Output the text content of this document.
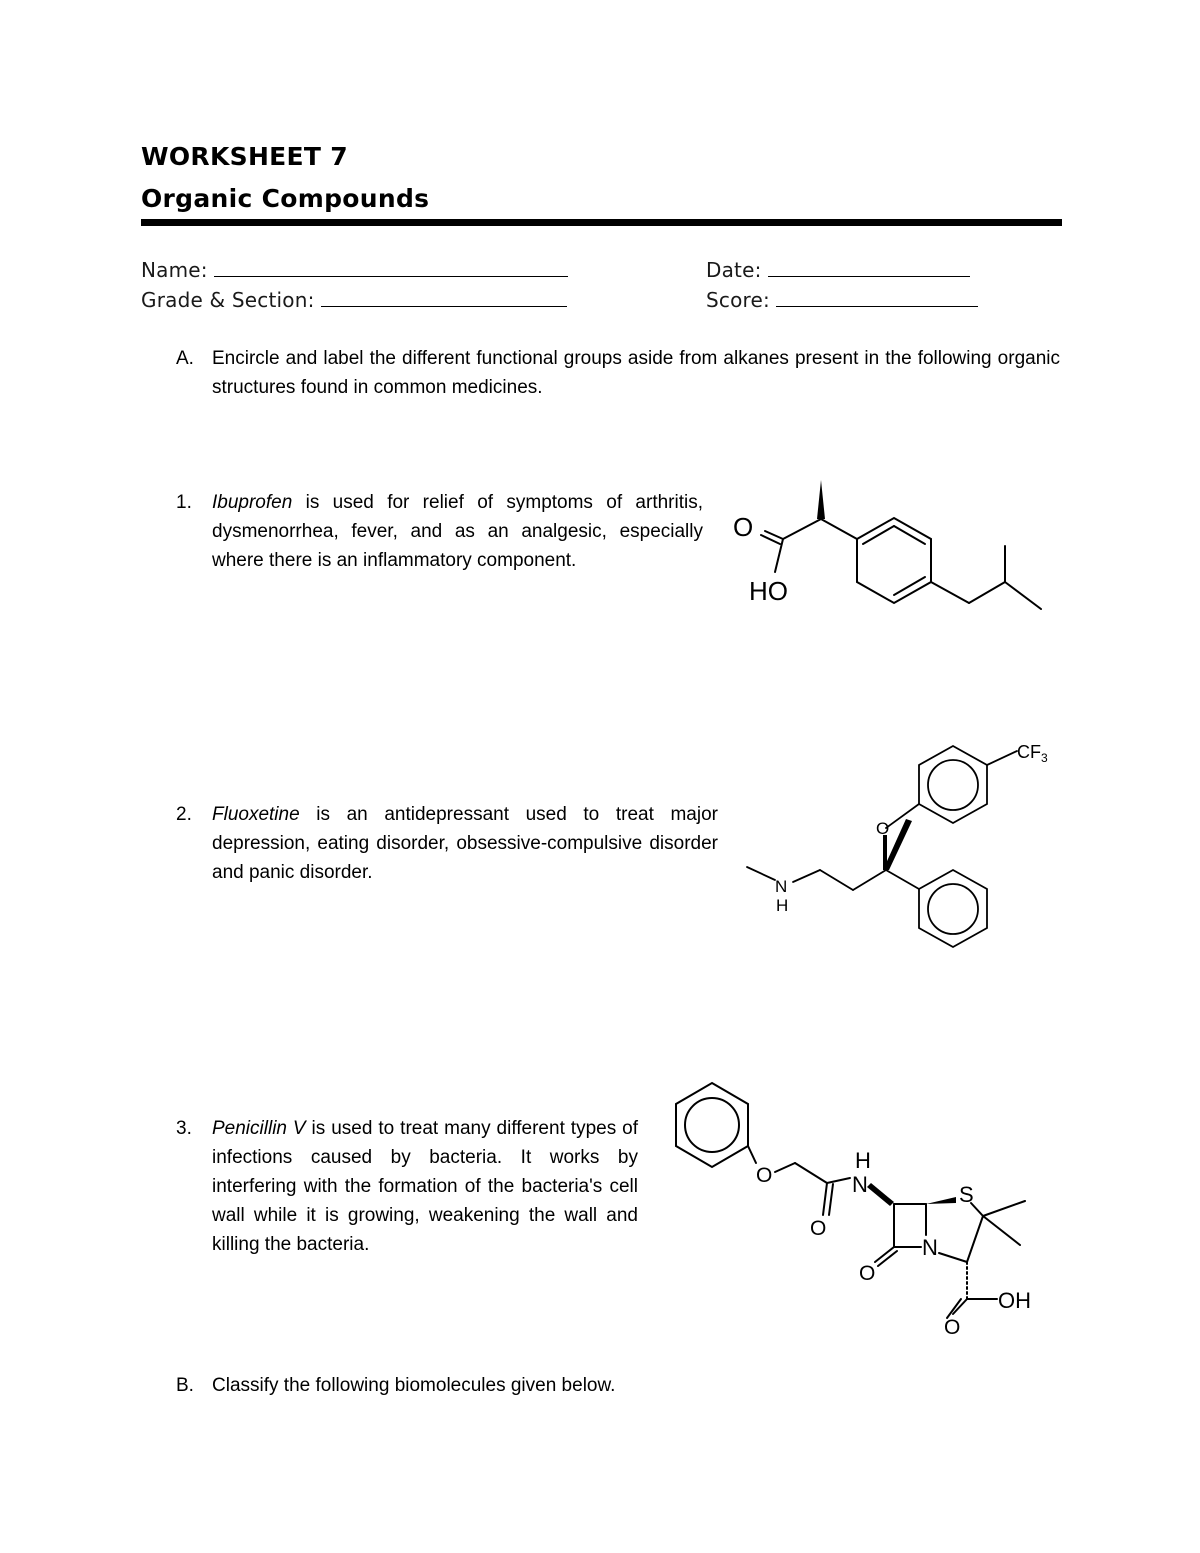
WORKSHEET 7
Organic Compounds
Name:	Date:
Grade & Section:	Score:
A. Encircle and label the different functional groups aside from alkanes present in the following organic structures found in common medicines.
1. Ibuprofen is used for relief of symptoms of arthritis, dysmenorrhea, fever, and as an analgesic, especially where there is an inflammatory component.
O
HO
2. Fluoxetine is an antidepressant used to treat major depression, eating disorder, obsessive-compulsive disorder and panic disorder.
CF 3
O
N
H
3. Penicillin V is used to treat many different types of infections caused by bacteria. It works by interfering with the formation of the bacteria's cell wall while it is growing, weakening the wall and killing the bacteria.
O
H
N	S
O
N
O
O
OH
B. Classify the following biomolecules given below.
